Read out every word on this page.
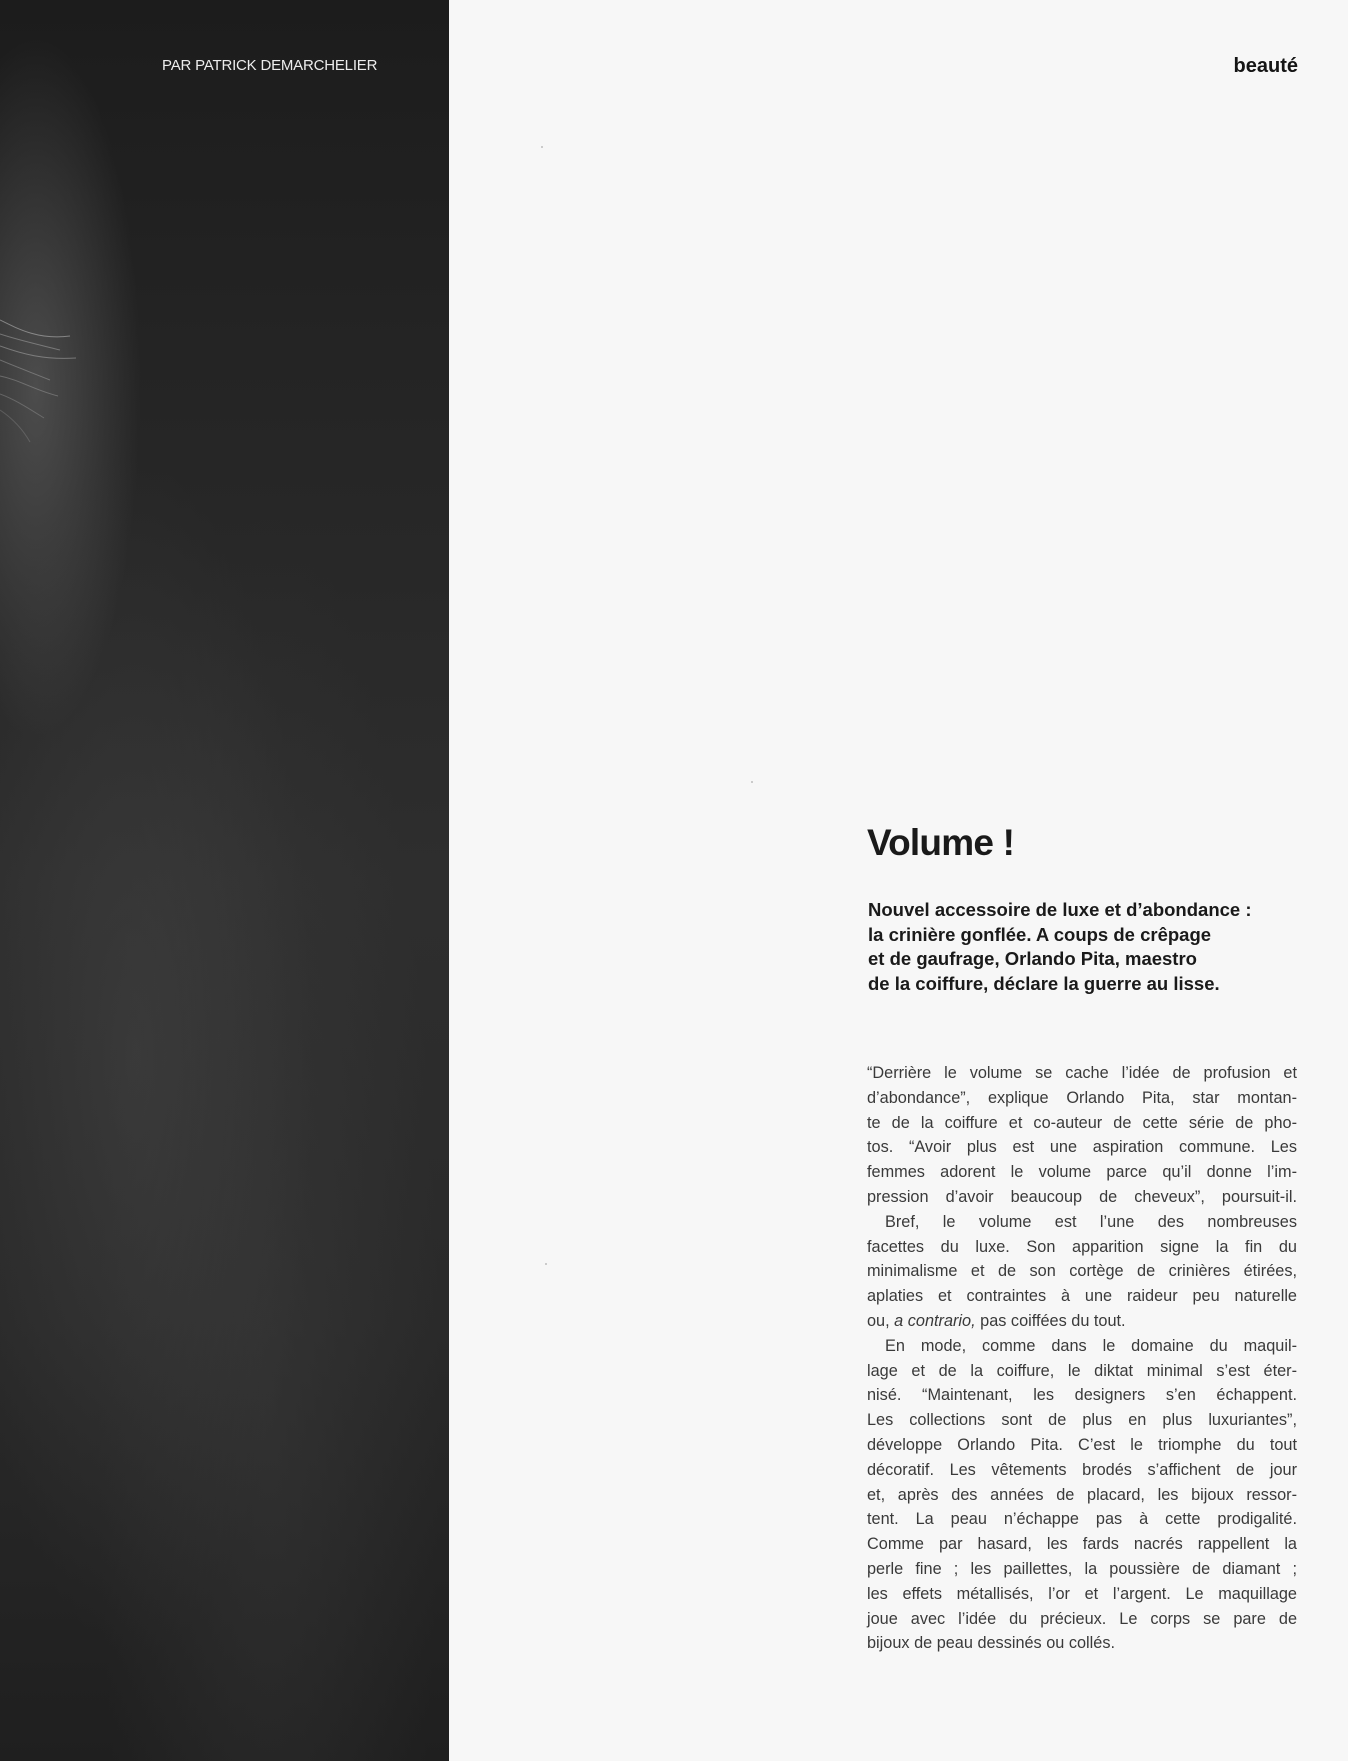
PAR PATRICK DEMARCHELIER	beauté
Volume !

Nouvel accessoire de luxe et d’abondance :
la crinière gonflée. A coups de crêpage
et de gaufrage, Orlando Pita, maestro
de la coiffure, déclare la guerre au lisse.

“Derrière le volume se cache l’idée de profusion et
d’abondance”, explique Orlando Pita, star montan-
te de la coiffure et co-auteur de cette série de pho-
tos. “Avoir plus est une aspiration commune. Les
femmes adorent le volume parce qu’il donne l’im-
pression d’avoir beaucoup de cheveux”, poursuit-il.
Bref, le volume est l’une des nombreuses
facettes du luxe. Son apparition signe la fin du
minimalisme et de son cortège de crinières étirées,
aplaties et contraintes à une raideur peu naturelle
ou, a contrario, pas coiffées du tout.
En mode, comme dans le domaine du maquil-
lage et de la coiffure, le diktat minimal s’est éter-
nisé. “Maintenant, les designers s’en échappent.
Les collections sont de plus en plus luxuriantes”,
développe Orlando Pita. C’est le triomphe du tout
décoratif. Les vêtements brodés s’affichent de jour
et, après des années de placard, les bijoux ressor-
tent. La peau n’échappe pas à cette prodigalité.
Comme par hasard, les fards nacrés rappellent la
perle fine ; les paillettes, la poussière de diamant ;
les effets métallisés, l’or et l’argent. Le maquillage
joue avec l’idée du précieux. Le corps se pare de
bijoux de peau dessinés ou collés.
